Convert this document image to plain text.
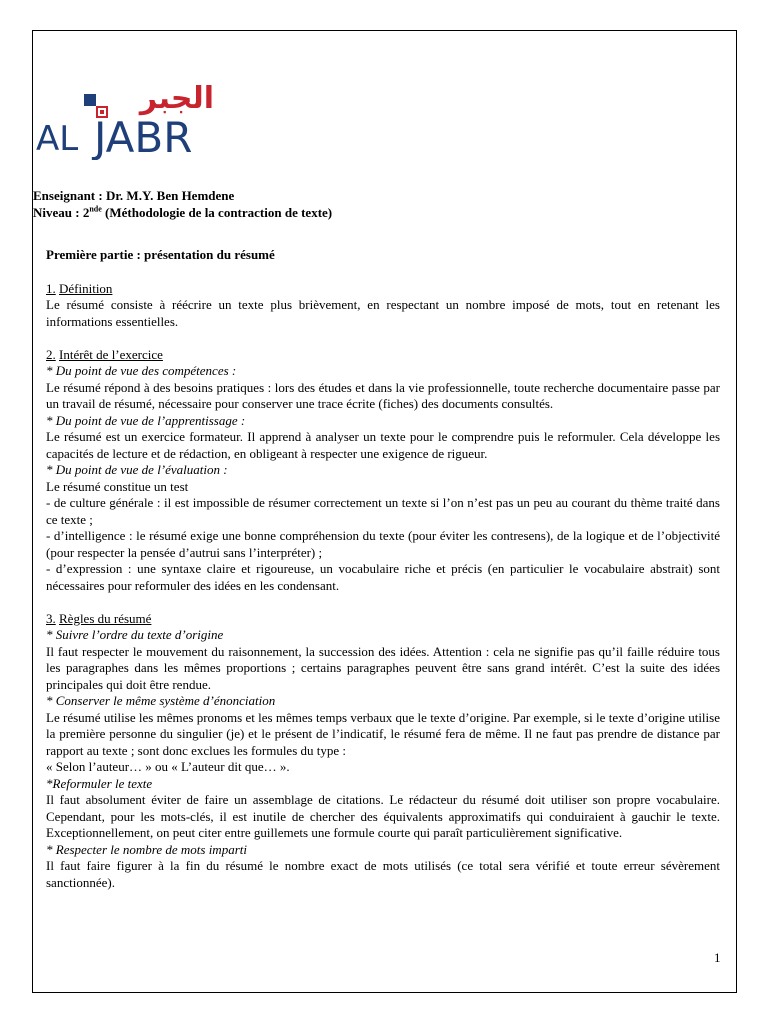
الجبر
AL JABR
Enseignant : Dr. M.Y. Ben Hemdene
Niveau : 2nde (Méthodologie de la contraction de texte)

Première partie : présentation du résumé

1. Définition

Le résumé consiste à réécrire un texte plus brièvement, en respectant un nombre imposé de mots, tout en retenant les informations essentielles.

2. Intérêt de l’exercice

* Du point de vue des compétences :

Le résumé répond à des besoins pratiques : lors des études et dans la vie professionnelle, toute recherche documentaire passe par un travail de résumé, nécessaire pour conserver une trace écrite (fiches) des documents consultés.

* Du point de vue de l’apprentissage :

Le résumé est un exercice formateur. Il apprend à analyser un texte pour le comprendre puis le reformuler. Cela développe les capacités de lecture et de rédaction, en obligeant à respecter une exigence de rigueur.

* Du point de vue de l’évaluation :

Le résumé constitue un test

- de culture générale : il est impossible de résumer correctement un texte si l’on n’est pas un peu au courant du thème traité dans ce texte ;

- d’intelligence : le résumé exige une bonne compréhension du texte (pour éviter les contresens), de la logique et de l’objectivité (pour respecter la pensée d’autrui sans l’interpréter) ;

- d’expression : une syntaxe claire et rigoureuse, un vocabulaire riche et précis (en particulier le vocabulaire abstrait) sont nécessaires pour reformuler des idées en les condensant.

3. Règles du résumé

* Suivre l’ordre du texte d’origine

Il faut respecter le mouvement du raisonnement, la succession des idées. Attention : cela ne signifie pas qu’il faille réduire tous les paragraphes dans les mêmes proportions ; certains paragraphes peuvent être sans grand intérêt. C’est la suite des idées principales qui doit être rendue.

* Conserver le même système d’énonciation

Le résumé utilise les mêmes pronoms et les mêmes temps verbaux que le texte d’origine. Par exemple, si le texte d’origine utilise la première personne du singulier (je) et le présent de l’indicatif, le résumé fera de même. Il ne faut pas prendre de distance par rapport au texte ; sont donc exclues les formules du type :

« Selon l’auteur… » ou « L’auteur dit que… ».

*Reformuler le texte

Il faut absolument éviter de faire un assemblage de citations. Le rédacteur du résumé doit utiliser son propre vocabulaire. Cependant, pour les mots-clés, il est inutile de chercher des équivalents approximatifs qui conduiraient à gauchir le texte. Exceptionnellement, on peut citer entre guillemets une formule courte qui paraît particulièrement significative.

* Respecter le nombre de mots imparti

Il faut faire figurer à la fin du résumé le nombre exact de mots utilisés (ce total sera vérifié et toute erreur sévèrement sanctionnée).

1
